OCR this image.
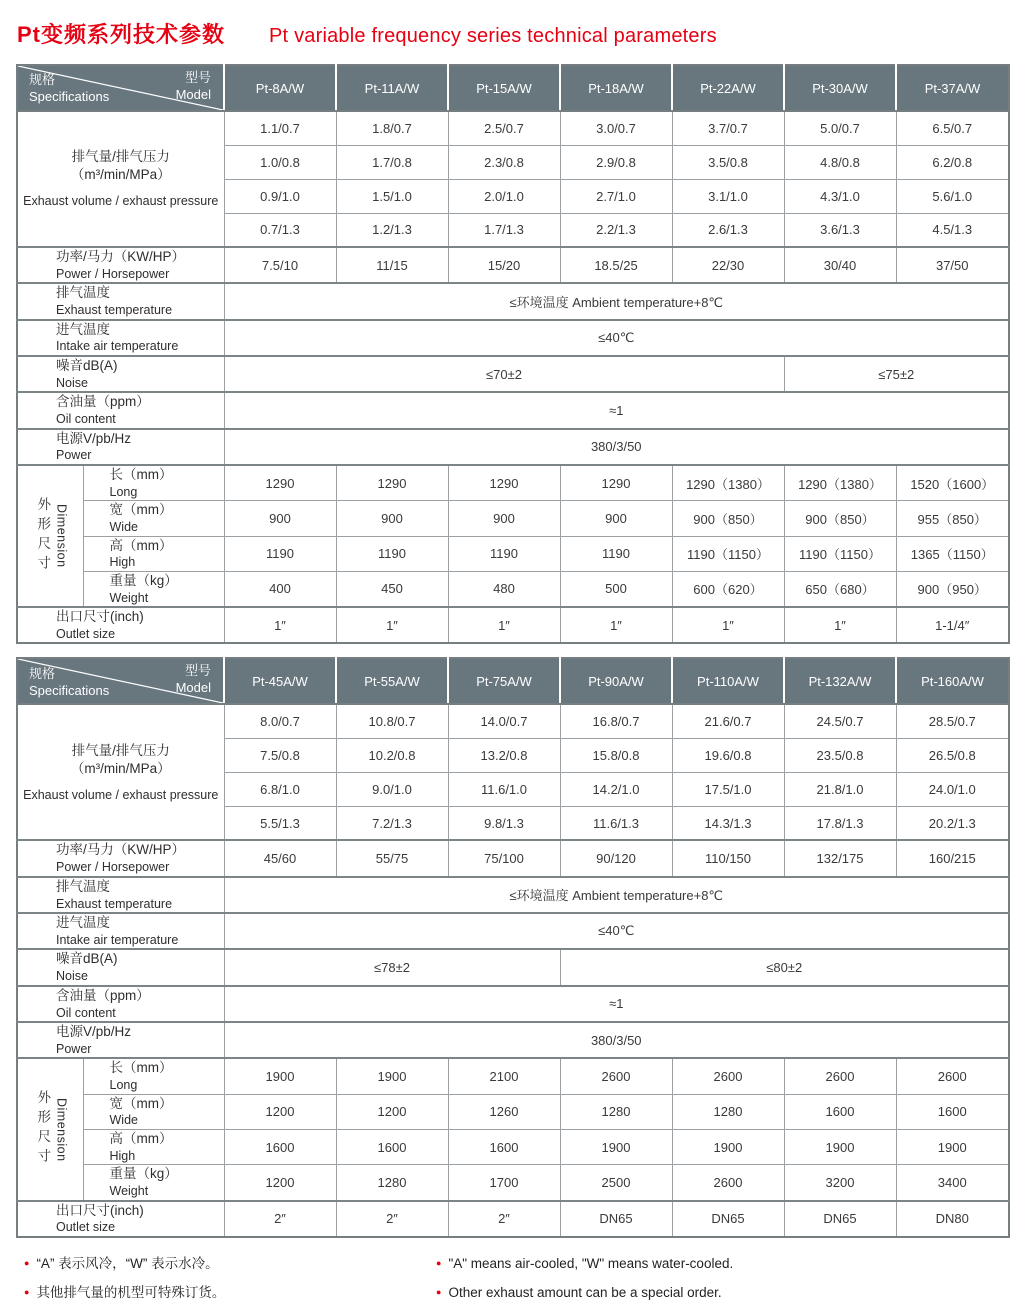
Pt变频系列技术参数 Pt variable frequency series technical parameters
型号
Model
规格
Specifications		Pt-8A/W	Pt-11A/W	Pt-15A/W	Pt-18A/W	Pt-22A/W	Pt-30A/W	Pt-37A/W

排气量/排气压力
（m³/min/MPa）
Exhaust volume / exhaust pressure		1.1/0.7	1.8/0.7	2.5/0.7	3.0/0.7	3.7/0.7	5.0/0.7	6.5/0.7
		1.0/0.8	1.7/0.8	2.3/0.8	2.9/0.8	3.5/0.8	4.8/0.8	6.2/0.8
		0.9/1.0	1.5/1.0	2.0/1.0	2.7/1.0	3.1/1.0	4.3/1.0	5.6/1.0
		0.7/1.3	1.2/1.3	1.7/1.3	2.2/1.3	2.6/1.3	3.6/1.3	4.5/1.3

功率/马力（KW/HP）
Power / Horsepower		7.5/10	11/15	15/20	18.5/25	22/30	30/40	37/50

排气温度
Exhaust temperature		≤环境温度 Ambient temperature+8℃						

进气温度
Intake air temperature		≤40℃						

噪音dB(A)
Noise		≤70±2					≤75±2	

含油量（ppm）
Oil content		≈1						

电源V/pb/Hz
Power		380/3/50						

外形尺寸 Dimension

长（mm）
Long
	1290	1290	1290	1290	1290（1380）	1290（1380）	1520（1600）

	宽（mm）
Wide	900	900	900	900	900（850）	900（850）	955（850）

	高（mm）
High	1190	1190	1190	1190	1190（1150）	1190（1150）	1365（1150）

	重量（kg）
Weight	400	450	480	500	600（620）	650（680）	900（950）

出口尺寸(inch)
Outlet size		1″	1″	1″	1″	1″	1″	1-1/4″
型号
Model
规格
Specifications		Pt-45A/W	Pt-55A/W	Pt-75A/W	Pt-90A/W	Pt-110A/W	Pt-132A/W	Pt-160A/W

排气量/排气压力
（m³/min/MPa）
Exhaust volume / exhaust pressure		8.0/0.7	10.8/0.7	14.0/0.7	16.8/0.7	21.6/0.7	24.5/0.7	28.5/0.7
		7.5/0.8	10.2/0.8	13.2/0.8	15.8/0.8	19.6/0.8	23.5/0.8	26.5/0.8
		6.8/1.0	9.0/1.0	11.6/1.0	14.2/1.0	17.5/1.0	21.8/1.0	24.0/1.0
		5.5/1.3	7.2/1.3	9.8/1.3	11.6/1.3	14.3/1.3	17.8/1.3	20.2/1.3

功率/马力（KW/HP）
Power / Horsepower		45/60	55/75	75/100	90/120	110/150	132/175	160/215

排气温度
Exhaust temperature		≤环境温度 Ambient temperature+8℃						

进气温度
Intake air temperature		≤40℃						

噪音dB(A)
Noise		≤78±2			≤80±2			

含油量（ppm）
Oil content		≈1						

电源V/pb/Hz
Power		380/3/50						

外形尺寸 Dimension

长（mm）
Long
	1900	1900	2100	2600	2600	2600	2600

	宽（mm）
Wide	1200	1200	1260	1280	1280	1600	1600

	高（mm）
High	1600	1600	1600	1900	1900	1900	1900

	重量（kg）
Weight	1200	1280	1700	2500	2600	3200	3400

出口尺寸(inch)
Outlet size		2″	2″	2″	DN65	DN65	DN65	DN80
● “A” 表示风冷，“W” 表示水冷。
● 其他排气量的机型可特殊订货。
● "A" means air-cooled, "W" means water-cooled.
● Other exhaust amount can be a special order.
